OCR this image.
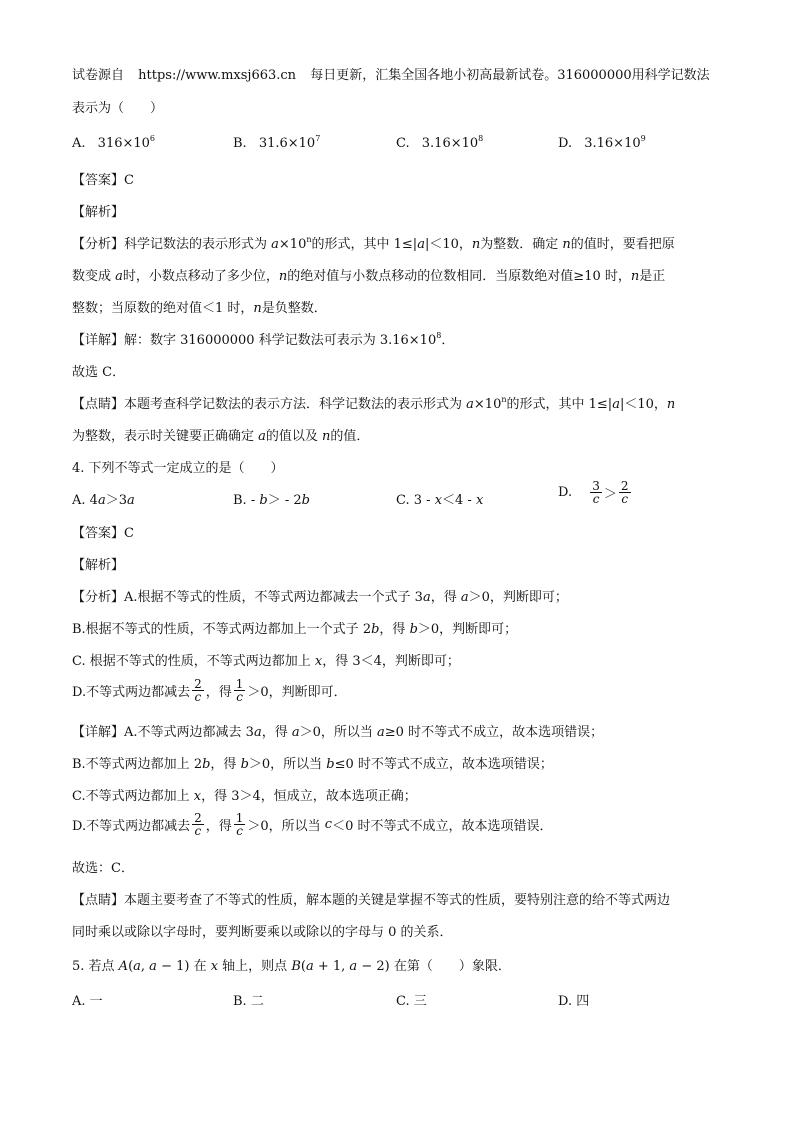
试卷源自 https://www.mxsj663.cn 每日更新，汇集全国各地小初高最新试卷。316000000用科学记数法
表示为（　　）
A. $316\times 10^6$	B. $31.6\times 10^7$	C. $3.16\times 10^8$	D. $3.16\times 10^9$
【答案】C
【解析】
【分析】科学记数法的表示形式为 $a\times 10^n$的形式，其中 1≤|a|＜10，n为整数．确定 n的值时，要看把原
数变成 a时，小数点移动了多少位，n的绝对值与小数点移动的位数相同．当原数绝对值≥10 时，n是正
整数；当原数的绝对值＜1 时，n是负整数．
【详解】解：数字 316000000 科学记数法可表示为 $3.16\times 10^8$．
故选 C．
【点睛】本题考查科学记数法的表示方法．科学记数法的表示形式为 $a\times 10^n$的形式，其中 1≤|a|＜10，n
为整数，表示时关键要正确确定 a的值以及 n的值．
4. 下列不等式一定成立的是（　　）
A. 4a＞3a	B. - b＞ - 2b	C. 3 - x＜4 - x
D. $\frac{3}{c} > \frac{2}{c}$
【答案】C
【解析】
【分析】A.根据不等式的性质，不等式两边都减去一个式子 3a，得 a＞0，判断即可；
B.根据不等式的性质，不等式两边都加上一个式子 2b，得 b＞0，判断即可；
C. 根据不等式的性质，不等式两边都加上 x，得 3＜4，判断即可；
D.不等式两边都减去 $\frac{2}{c}$ ，得 $\frac{1}{c} >0$，判断即可．
【详解】A.不等式两边都减去 3a，得 a＞0，所以当 a≥0 时不等式不成立，故本选项错误；
B.不等式两边都加上 2b，得 b＞0，所以当 b≤0 时不等式不成立，故本选项错误；
C.不等式两边都加上 x，得 3＞4，恒成立，故本选项正确；
D.不等式两边都减去 $\frac{2}{c}$ ，得 $\frac{1}{c} >0$，所以当 c＜0 时不等式不成立，故本选项错误．
故选：C．
【点睛】本题主要考查了不等式的性质，解本题的关键是掌握不等式的性质，要特别注意的给不等式两边
同时乘以或除以字母时，要判断要乘以或除以的字母与 0 的关系．
5. 若点 A(a, a − 1) 在 x 轴上，则点 B(a + 1, a − 2) 在第（　　）象限．
A. 一	B. 二	C. 三	D. 四
